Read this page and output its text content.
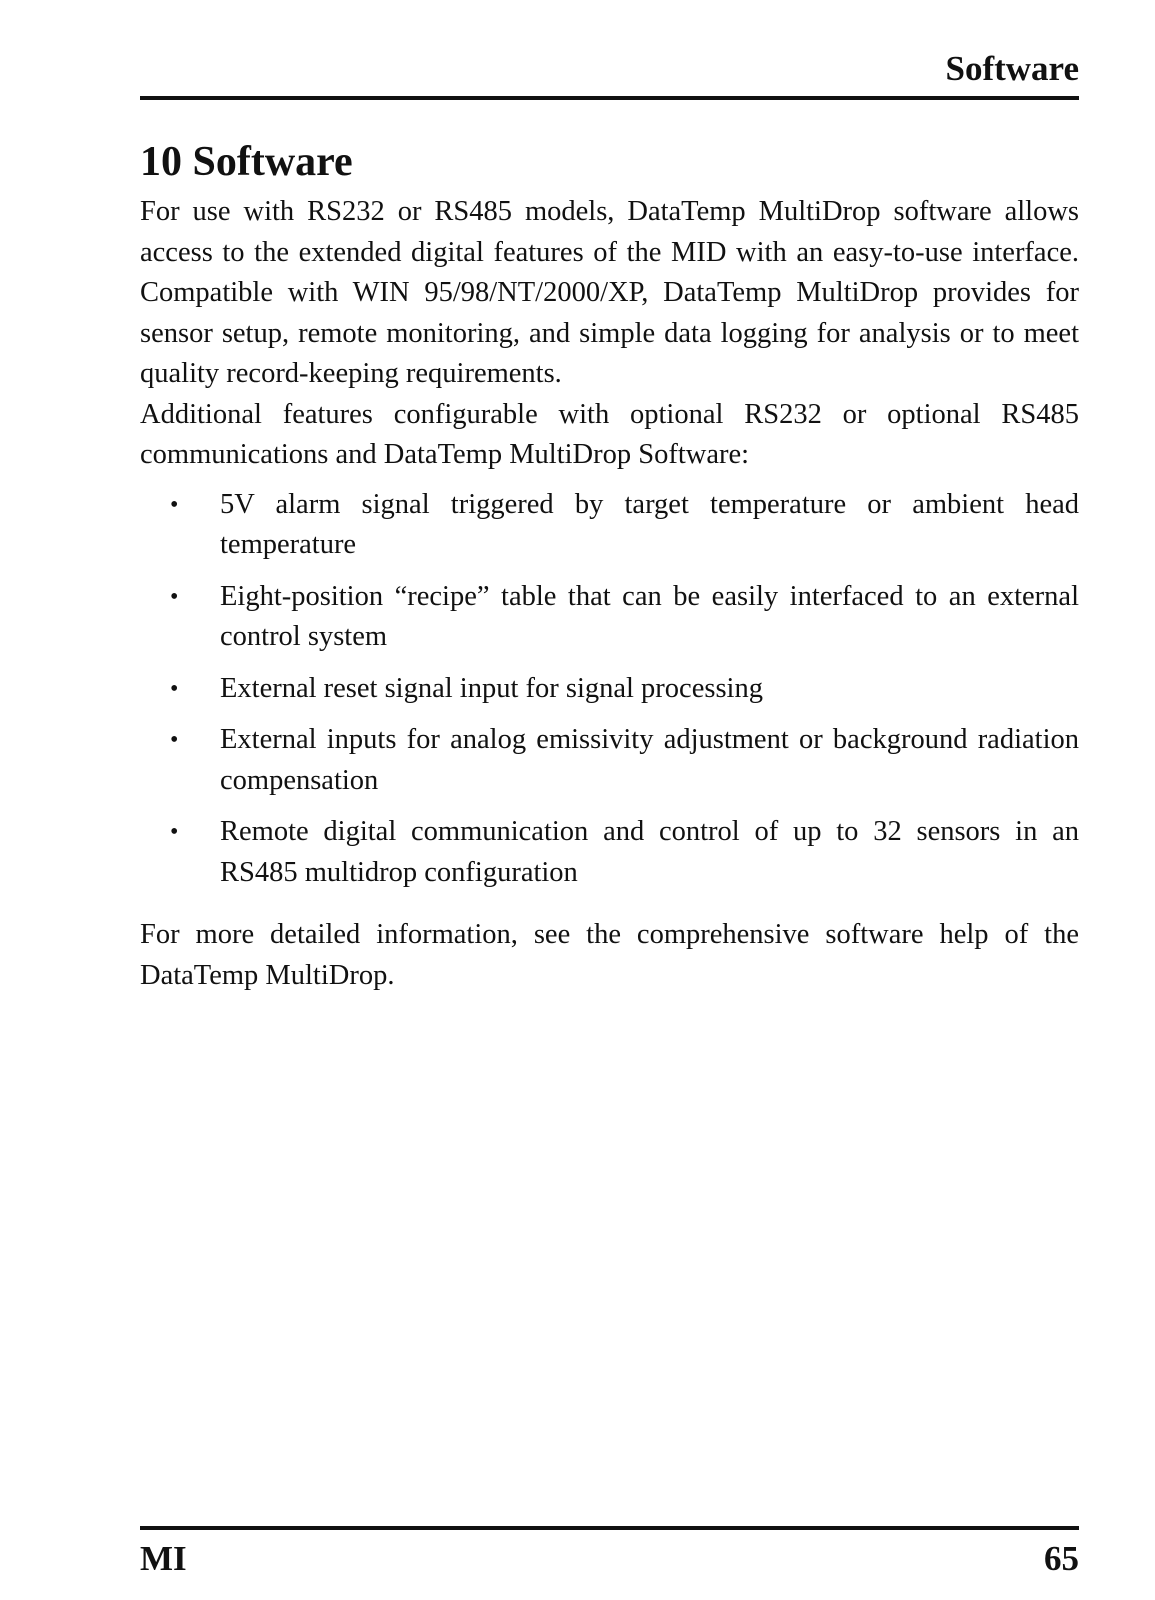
Software
10 Software

For use with RS232 or RS485 models, DataTemp MultiDrop software allows access to the extended digital features of the MID with an easy-to-use interface. Compatible with WIN 95/98/NT/2000/XP, DataTemp MultiDrop provides for sensor setup, remote monitoring, and simple data logging for analysis or to meet quality record-keeping requirements.

Additional features configurable with optional RS232 or optional RS485 communications and DataTemp MultiDrop Software:

• 5V alarm signal triggered by target temperature or ambient head temperature
• Eight-position “recipe” table that can be easily interfaced to an external control system
• External reset signal input for signal processing
• External inputs for analog emissivity adjustment or background radiation compensation
• Remote digital communication and control of up to 32 sensors in an RS485 multidrop configuration

For more detailed information, see the comprehensive software help of the DataTemp MultiDrop.

MI	65
